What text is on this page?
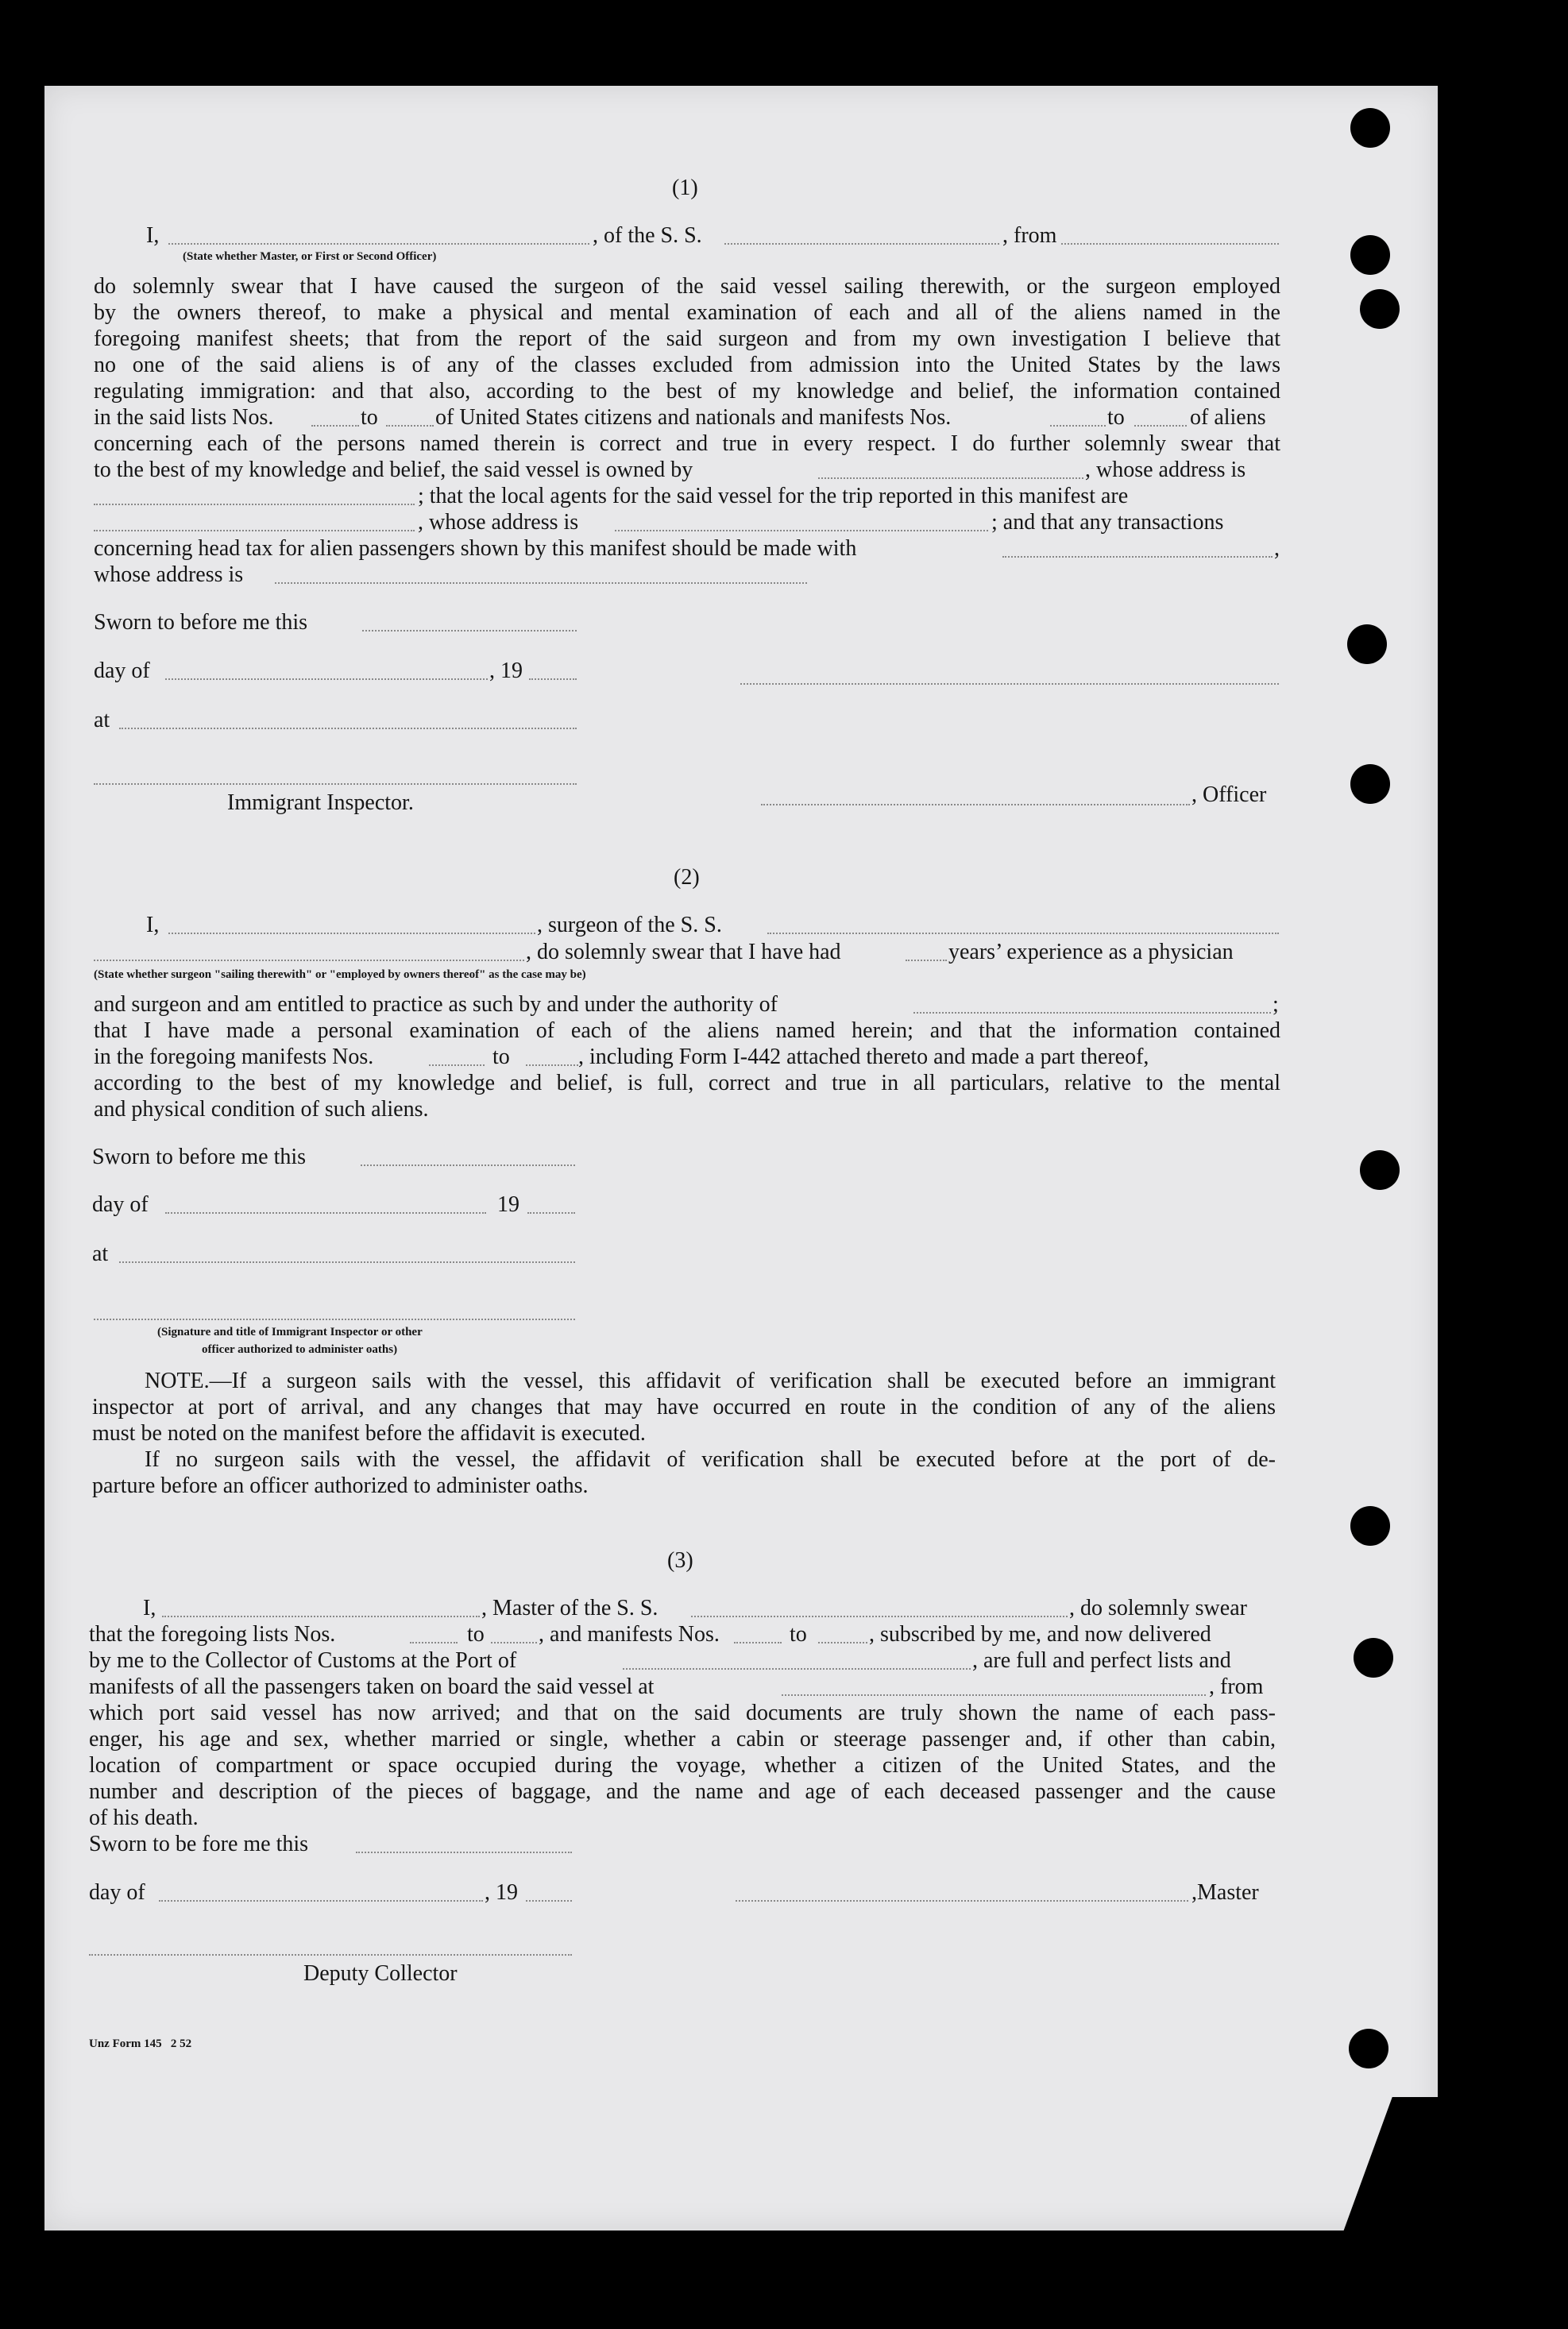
(1)
I,	, of the S. S.	, from
(State whether Master, or First or Second Officer)
do solemnly swear that I have caused the surgeon of the said vessel sailing therewith, or the surgeon employed
by the owners thereof, to make a physical and mental examination of each and all of the aliens named in the
foregoing manifest sheets; that from the report of the said surgeon and from my own investigation I believe that
no one of the said aliens is of any of the classes excluded from admission into the United States by the laws
regulating immigration: and that also, according to the best of my knowledge and belief, the information contained
in the said lists Nos.	to	of United States citizens and nationals and manifests Nos.	to	of aliens
concerning each of the persons named therein is correct and true in every respect. I do further solemnly swear that
to the best of my knowledge and belief, the said vessel is owned by	, whose address is
; that the local agents for the said vessel for the trip reported in this manifest are
, whose address is	; and that any transactions
concerning head tax for alien passengers shown by this manifest should be made with	,
whose address is
Sworn to before me this
day of	, 19
at
Immigrant Inspector.	, Officer
(2)
I,	, surgeon of the S. S.
, do solemnly swear that I have had	years’ experience as a physician
(State whether surgeon "sailing therewith" or "employed by owners thereof" as the case may be)
and surgeon and am entitled to practice as such by and under the authority of	;
that I have made a personal examination of each of the aliens named herein; and that the information contained
in the foregoing manifests Nos.	to	, including Form I-442 attached thereto and made a part thereof,
according to the best of my knowledge and belief, is full, correct and true in all particulars, relative to the mental
and physical condition of such aliens.
Sworn to before me this
day of	19
at
(Signature and title of Immigrant Inspector or other
officer authorized to administer oaths)
NOTE.—If a surgeon sails with the vessel, this affidavit of verification shall be executed before an immigrant
inspector at port of arrival, and any changes that may have occurred en route in the condition of any of the aliens
must be noted on the manifest before the affidavit is executed.
If no surgeon sails with the vessel, the affidavit of verification shall be executed before at the port of de-
parture before an officer authorized to administer oaths.
(3)
I,	, Master of the S. S.	, do solemnly swear
that the foregoing lists Nos.	to , and manifests Nos.	to	, subscribed by me, and now delivered
by me to the Collector of Customs at the Port of	, are full and perfect lists and
manifests of all the passengers taken on board the said vessel at	, from
which port said vessel has now arrived; and that on the said documents are truly shown the name of each pass-
enger, his age and sex, whether married or single, whether a cabin or steerage passenger and, if other than cabin,
location of compartment or space occupied during the voyage, whether a citizen of the United States, and the
number and description of the pieces of baggage, and the name and age of each deceased passenger and the cause
of his death.
Sworn to be fore me this
day of	, 19	,Master
Deputy Collector
Unz Form 145   2 52
